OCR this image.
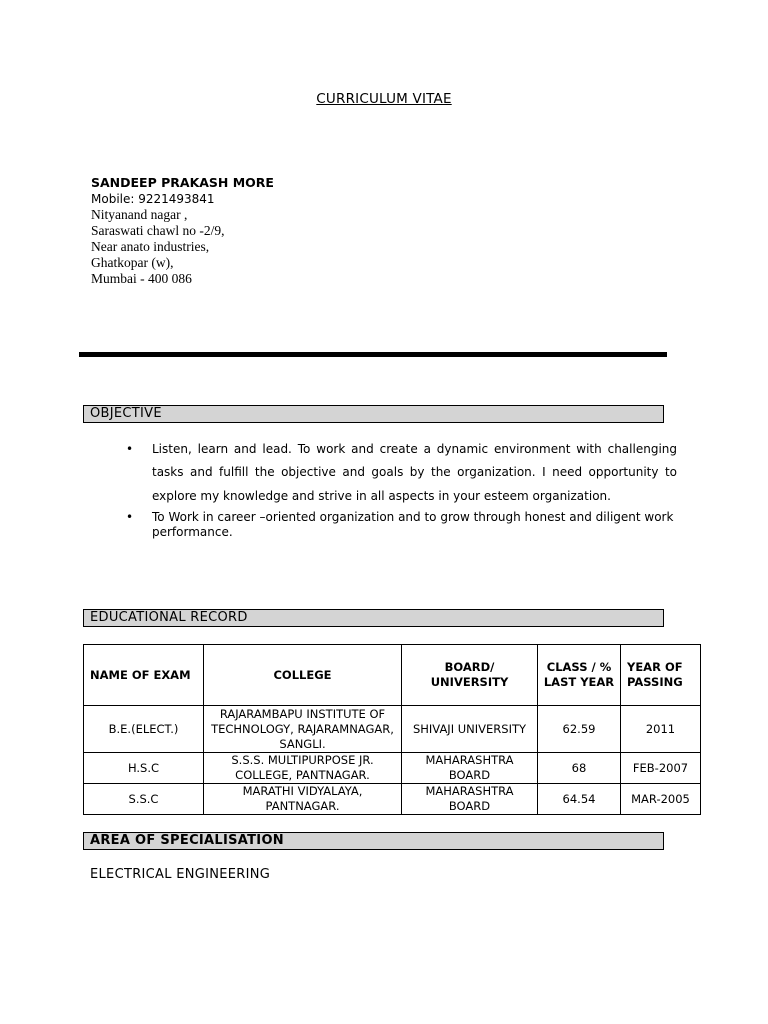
CURRICULUM VITAE
SANDEEP PRAKASH MORE
Mobile: 9221493841
Nityanand nagar ,
Saraswati chawl no -2/9,
Near anato industries,
Ghatkopar (w),
Mumbai - 400 086
OBJECTIVE
• Listen, learn and lead. To work and create a dynamic environment with challenging tasks and fulfill the objective and goals by the organization. I need opportunity to explore my knowledge and strive in all aspects in your esteem organization.
• To Work in career –oriented organization and to grow through honest and diligent work performance.
EDUCATIONAL RECORD
NAME OF EXAM	COLLEGE	BOARD/ UNIVERSITY	CLASS / % LAST YEAR	YEAR OF PASSING
B.E.(ELECT.)	RAJARAMBAPU INSTITUTE OF TECHNOLOGY, RAJARAMNAGAR, SANGLI.	SHIVAJI UNIVERSITY	62.59	2011
H.S.C	S.S.S. MULTIPURPOSE JR. COLLEGE, PANTNAGAR.	MAHARASHTRA BOARD	68	FEB-2007
S.S.C	MARATHI VIDYALAYA, PANTNAGAR.	MAHARASHTRA BOARD	64.54	MAR-2005
AREA OF SPECIALISATION
ELECTRICAL ENGINEERING
